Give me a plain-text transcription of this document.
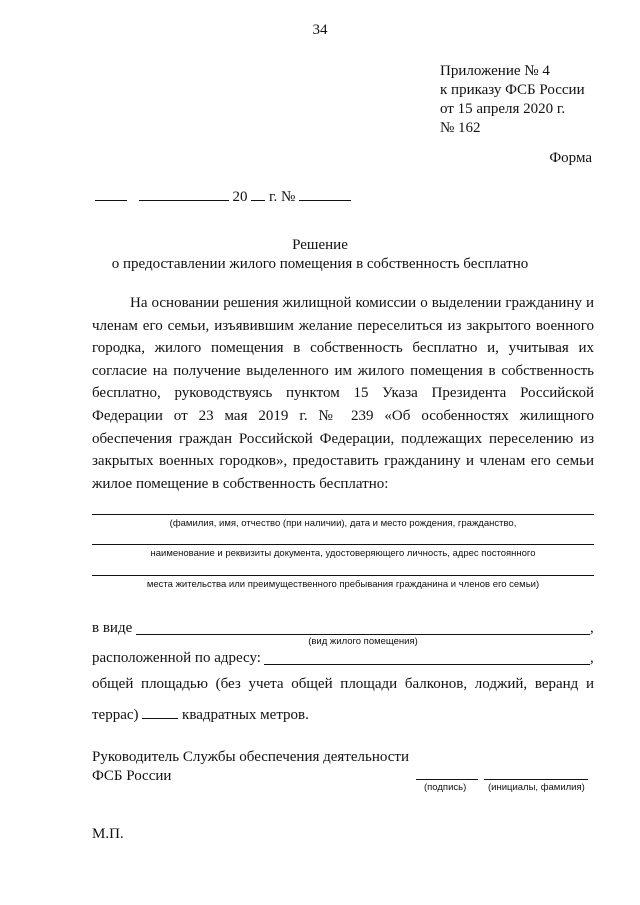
34
Приложение № 4
к приказу ФСБ России
от 15 апреля 2020 г.
№ 162
Форма
20 г. №
Решение
о предоставлении жилого помещения в собственность бесплатно
На основании решения жилищной комиссии о выделении гражданину и членам его семьи, изъявившим желание переселиться из закрытого военного городка, жилого помещения в собственность бесплатно и, учитывая их согласие на получение выделенного им жилого помещения в собственность бесплатно, руководствуясь пунктом 15 Указа Президента Российской Федерации от 23 мая 2019 г. № 239 «Об особенностях жилищного обеспечения граждан Российской Федерации, подлежащих переселению из закрытых военных городков», предоставить гражданину и членам его семьи жилое помещение в собственность бесплатно:
(фамилия, имя, отчество (при наличии), дата и место рождения, гражданство,
наименование и реквизиты документа, удостоверяющего личность, адрес постоянного
места жительства или преимущественного пребывания гражданина и членов его семьи)
в виде	,
(вид жилого помещения)
расположенной по адресу:	,
общей площадью (без учета общей площади балконов, лоджий, веранд и
террас)	квадратных метров.
Руководитель Службы обеспечения деятельности
ФСБ России
(подпись) (инициалы, фамилия)
М.П.
